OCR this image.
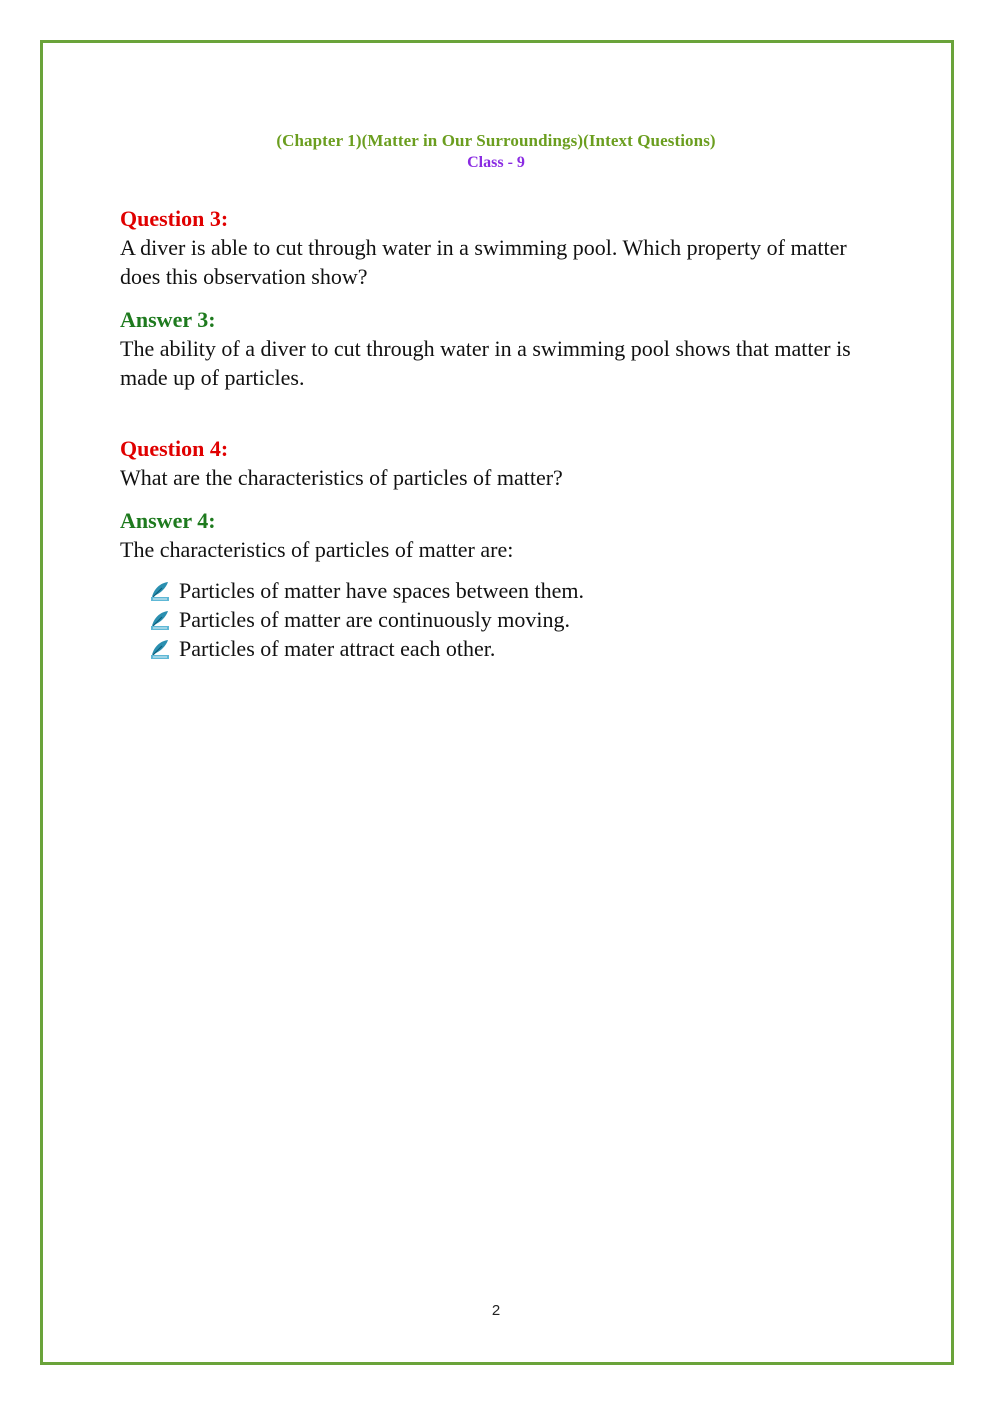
(Chapter 1)(Matter in Our Surroundings)(Intext Questions)
Class - 9
Question 3:
A diver is able to cut through water in a swimming pool. Which property of matter does this observation show?
Answer 3:
The ability of a diver to cut through water in a swimming pool shows that matter is made up of particles.
Question 4:
What are the characteristics of particles of matter?
Answer 4:
The characteristics of particles of matter are:
Particles of matter have spaces between them.
Particles of matter are continuously moving.
Particles of mater attract each other.
2
